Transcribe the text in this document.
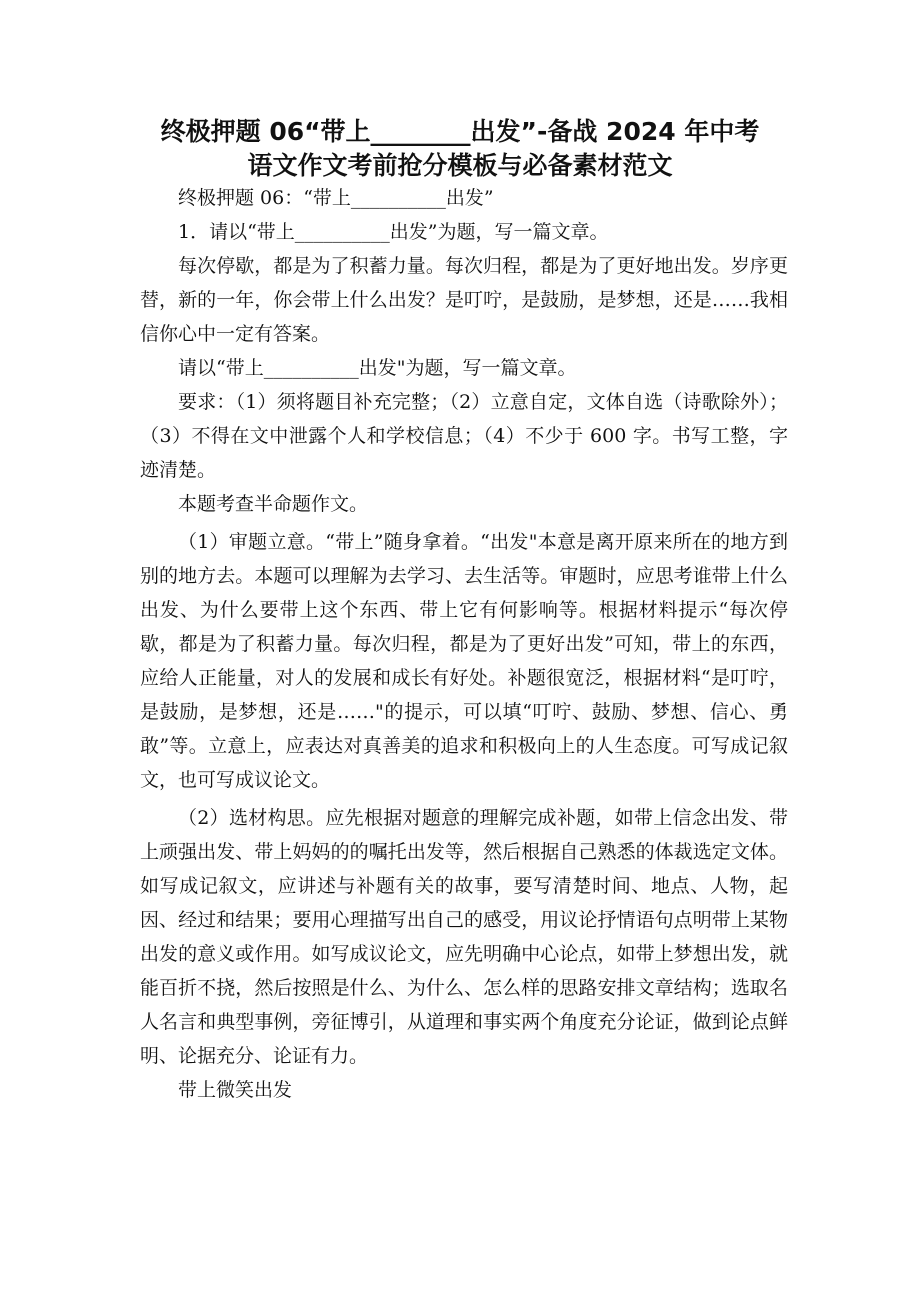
终极押题 06“带上________出发”-备战 2024 年中考
语文作文考前抢分模板与必备素材范文

终极押题 06：“带上__________出发”

1．请以“带上__________出发”为题，写一篇文章。

每次停歇，都是为了积蓄力量。每次归程，都是为了更好地出发。岁序更替，新的一年，你会带上什么出发？是叮咛，是鼓励，是梦想，还是……我相信你心中一定有答案。

请以“带上__________出发"为题，写一篇文章。

要求：（1）须将题目补充完整；（2）立意自定，文体自选（诗歌除外）；（3）不得在文中泄露个人和学校信息；（4）不少于 600 字。书写工整，字迹清楚。

本题考查半命题作文。

（1）审题立意。“带上”随身拿着。“出发"本意是离开原来所在的地方到别的地方去。本题可以理解为去学习、去生活等。审题时，应思考谁带上什么出发、为什么要带上这个东西、带上它有何影响等。根据材料提示“每次停歇，都是为了积蓄力量。每次归程，都是为了更好出发”可知，带上的东西，应给人正能量，对人的发展和成长有好处。补题很宽泛，根据材料“是叮咛，是鼓励，是梦想，还是……"的提示，可以填“叮咛、鼓励、梦想、信心、勇敢”等。立意上，应表达对真善美的追求和积极向上的人生态度。可写成记叙文，也可写成议论文。

（2）选材构思。应先根据对题意的理解完成补题，如带上信念出发、带上顽强出发、带上妈妈的的嘱托出发等，然后根据自己熟悉的体裁选定文体。如写成记叙文，应讲述与补题有关的故事，要写清楚时间、地点、人物，起因、经过和结果；要用心理描写出自己的感受，用议论抒情语句点明带上某物出发的意义或作用。如写成议论文，应先明确中心论点，如带上梦想出发，就能百折不挠，然后按照是什么、为什么、怎么样的思路安排文章结构；选取名人名言和典型事例，旁征博引，从道理和事实两个角度充分论证，做到论点鲜明、论据充分、论证有力。

带上微笑出发
